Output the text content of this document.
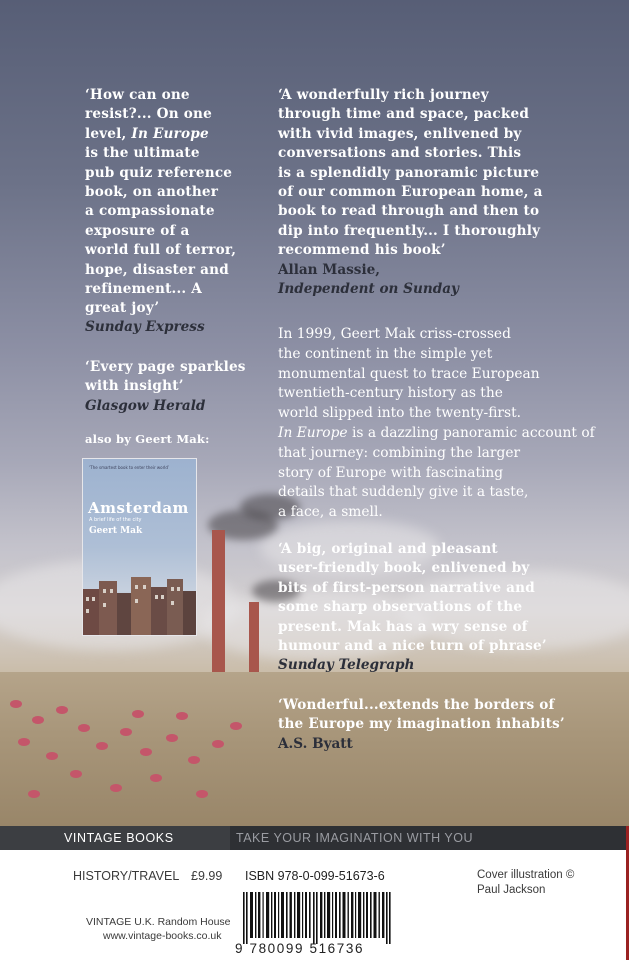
‘How can one
resist?... On one
level, In Europe
is the ultimate
pub quiz reference
book, on another
a compassionate
exposure of a
world full of terror,
hope, disaster and
refinement... A
great joy’
Sunday Express
‘Every page sparkles
with insight’
Glasgow Herald
also by Geert Mak:
‘The smartest book to enter their world’
Amsterdam
A brief life of the city
Geert Mak
‘A wonderfully rich journey
through time and space, packed
with vivid images, enlivened by
conversations and stories. This
is a splendidly panoramic picture
of our common European home, a
book to read through and then to
dip into frequently... I thoroughly
recommend his book’
Allan Massie,
Independent on Sunday
In 1999, Geert Mak criss-crossed
the continent in the simple yet
monumental quest to trace European
twentieth-century history as the
world slipped into the twenty-first.
In Europe is a dazzling panoramic account of
that journey: combining the larger
story of Europe with fascinating
details that suddenly give it a taste,
a face, a smell.
‘A big, original and pleasant
user-friendly book, enlivened by
bits of first-person narrative and
some sharp observations of the
present. Mak has a wry sense of
humour and a nice turn of phrase’
Sunday Telegraph
‘Wonderful...extends the borders of
the Europe my imagination inhabits’
A.S. Byatt
VINTAGE BOOKS	TAKE YOUR IMAGINATION WITH YOU
HISTORY/TRAVEL £9.99 ISBN 978-0-099-51673-6
VINTAGE U.K. Random House
www.vintage-books.co.uk
Cover illustration ©
Paul Jackson
9 780099 516736
